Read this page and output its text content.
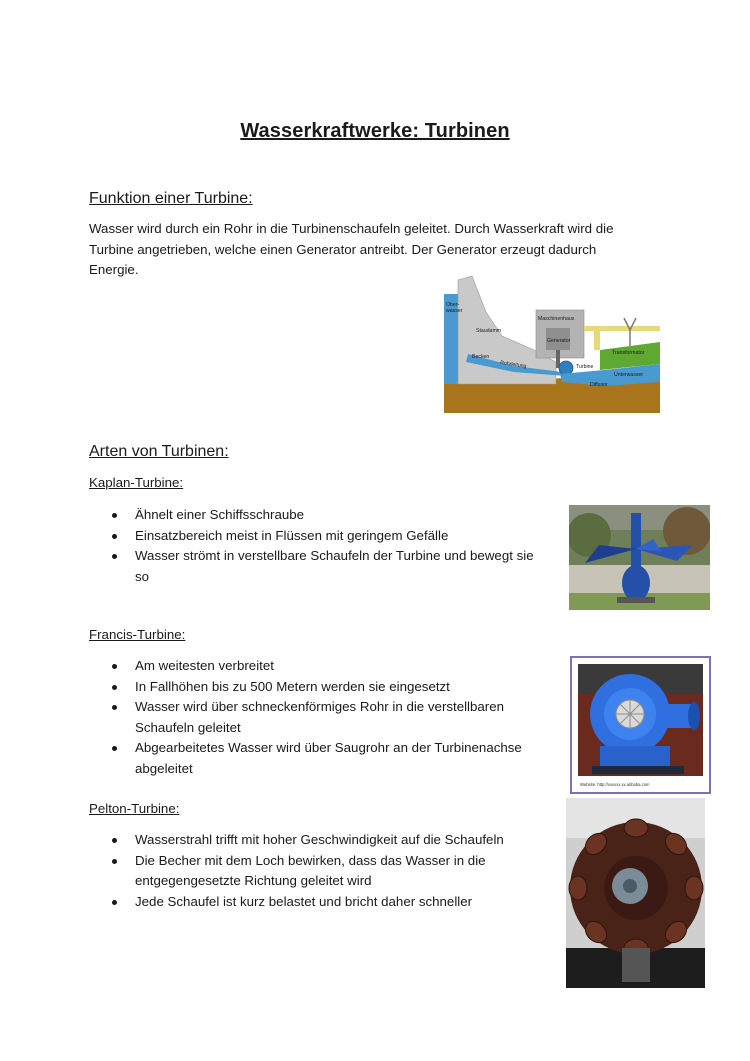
Wasserkraftwerke: Turbinen
Funktion einer Turbine:
Wasser wird durch ein Rohr in die Turbinenschaufeln geleitet. Durch Wasserkraft wird die Turbine angetrieben, welche einen Generator antreibt. Der Generator erzeugt dadurch Energie.
Ober-
wasser
Staudamm
Maschinenhaus
Generator
Transformator
Becken
Rohrleitung	Turbine
Unterwasser
Diffusor
Arten von Turbinen:
Kaplan-Turbine:
Ähnelt einer Schiffsschraube
Einsatzbereich meist in Flüssen mit geringem Gefälle
Wasser strömt in verstellbare Schaufeln der Turbine und bewegt sie so
Francis-Turbine:
Am weitesten verbreitet
In Fallhöhen bis zu 500 Metern werden sie eingesetzt
Wasser wird über schneckenförmiges Rohr in die verstellbaren Schaufeln geleitet
Abgearbeitetes Wasser wird über Saugrohr an der Turbinenachse abgeleitet
Website: http://xxxxxx.xx.alibaba.com
Pelton-Turbine:
Wasserstrahl trifft mit hoher Geschwindigkeit auf die Schaufeln
Die Becher mit dem Loch bewirken, dass das Wasser in die entgegengesetzte Richtung geleitet wird
Jede Schaufel ist kurz belastet und bricht daher schneller
